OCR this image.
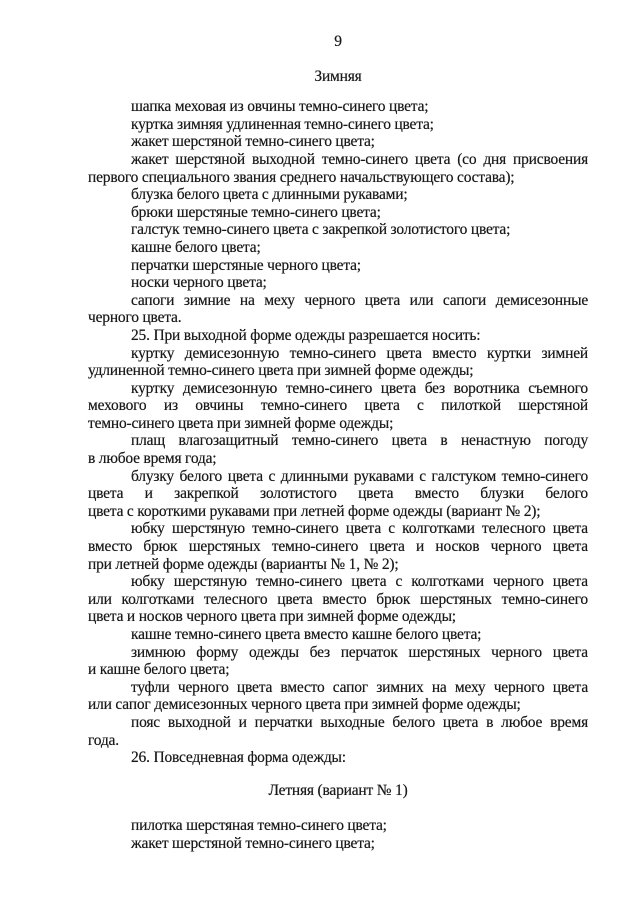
9
Зимняя
шапка меховая из овчины темно-синего цвета;
куртка зимняя удлиненная темно-синего цвета;
жакет шерстяной темно-синего цвета;
жакет шерстяной выходной темно-синего цвета (со дня присвоения
первого специального звания среднего начальствующего состава);
блузка белого цвета с длинными рукавами;
брюки шерстяные темно-синего цвета;
галстук темно-синего цвета с закрепкой золотистого цвета;
кашне белого цвета;
перчатки шерстяные черного цвета;
носки черного цвета;
сапоги зимние на меху черного цвета или сапоги демисезонные
черного цвета.
25. При выходной форме одежды разрешается носить:
куртку демисезонную темно-синего цвета вместо куртки зимней
удлиненной темно-синего цвета при зимней форме одежды;
куртку демисезонную темно-синего цвета без воротника съемного
мехового из овчины темно-синего цвета с пилоткой шерстяной
темно-синего цвета при зимней форме одежды;
плащ влагозащитный темно-синего цвета в ненастную погоду
в любое время года;
блузку белого цвета с длинными рукавами с галстуком темно-синего
цвета и закрепкой золотистого цвета вместо блузки белого
цвета с короткими рукавами при летней форме одежды (вариант № 2);
юбку шерстяную темно-синего цвета с колготками телесного цвета
вместо брюк шерстяных темно-синего цвета и носков черного цвета
при летней форме одежды (варианты № 1, № 2);
юбку шерстяную темно-синего цвета с колготками черного цвета
или колготками телесного цвета вместо брюк шерстяных темно-синего
цвета и носков черного цвета при зимней форме одежды;
кашне темно-синего цвета вместо кашне белого цвета;
зимнюю форму одежды без перчаток шерстяных черного цвета
и кашне белого цвета;
туфли черного цвета вместо сапог зимних на меху черного цвета
или сапог демисезонных черного цвета при зимней форме одежды;
пояс выходной и перчатки выходные белого цвета в любое время
года.
26. Повседневная форма одежды:
Летняя (вариант № 1)
пилотка шерстяная темно-синего цвета;
жакет шерстяной темно-синего цвета;
